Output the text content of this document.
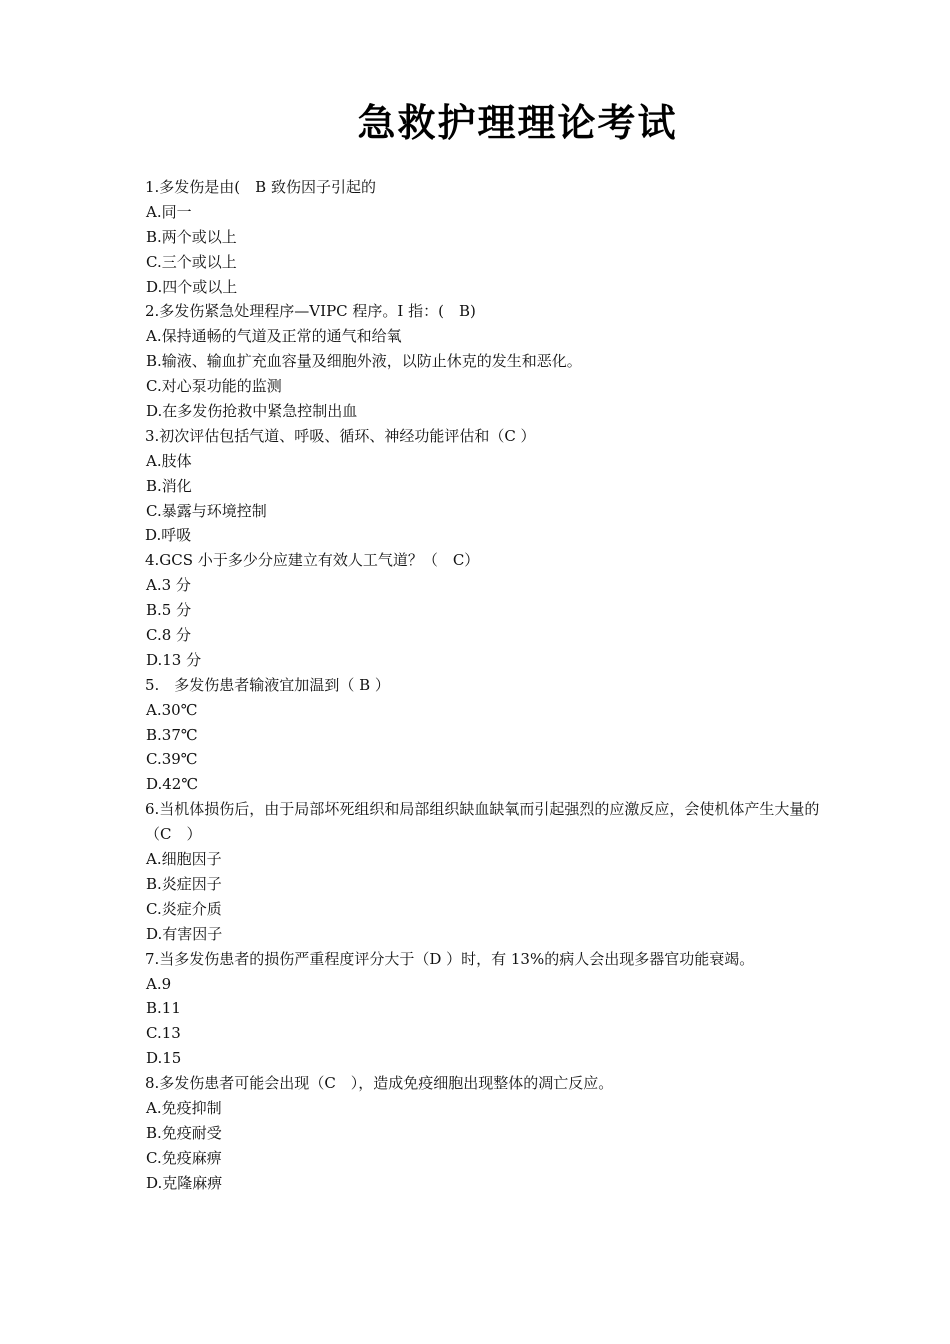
急救护理理论考试
1.多发伤是由(　B 致伤因子引起的
A.同一
B.两个或以上
C.三个或以上
D.四个或以上
2.多发伤紧急处理程序—VIPC 程序。I 指：(　B)
A.保持通畅的气道及正常的通气和给氧
B.输液、输血扩充血容量及细胞外液，以防止休克的发生和恶化。
C.对心泵功能的监测
D.在多发伤抢救中紧急控制出血
3.初次评估包括气道、呼吸、循环、神经功能评估和（C ）
A.肢体
B.消化
C.暴露与环境控制
D.呼吸
4.GCS 小于多少分应建立有效人工气道？（　C）
A.3 分
B.5 分
C.8 分
D.13 分
5.　多发伤患者输液宜加温到（ B ）
A.30℃
B.37℃
C.39℃
D.42℃
6.当机体损伤后，由于局部坏死组织和局部组织缺血缺氧而引起强烈的应激反应，会使机体产生大量的（C　）
A.细胞因子
B.炎症因子
C.炎症介质
D.有害因子
7.当多发伤患者的损伤严重程度评分大于（D ）时，有 13%的病人会出现多器官功能衰竭。
A.9
B.11
C.13
D.15
8.多发伤患者可能会出现（C　），造成免疫细胞出现整体的凋亡反应。
A.免疫抑制
B.免疫耐受
C.免疫麻痹
D.克隆麻痹
